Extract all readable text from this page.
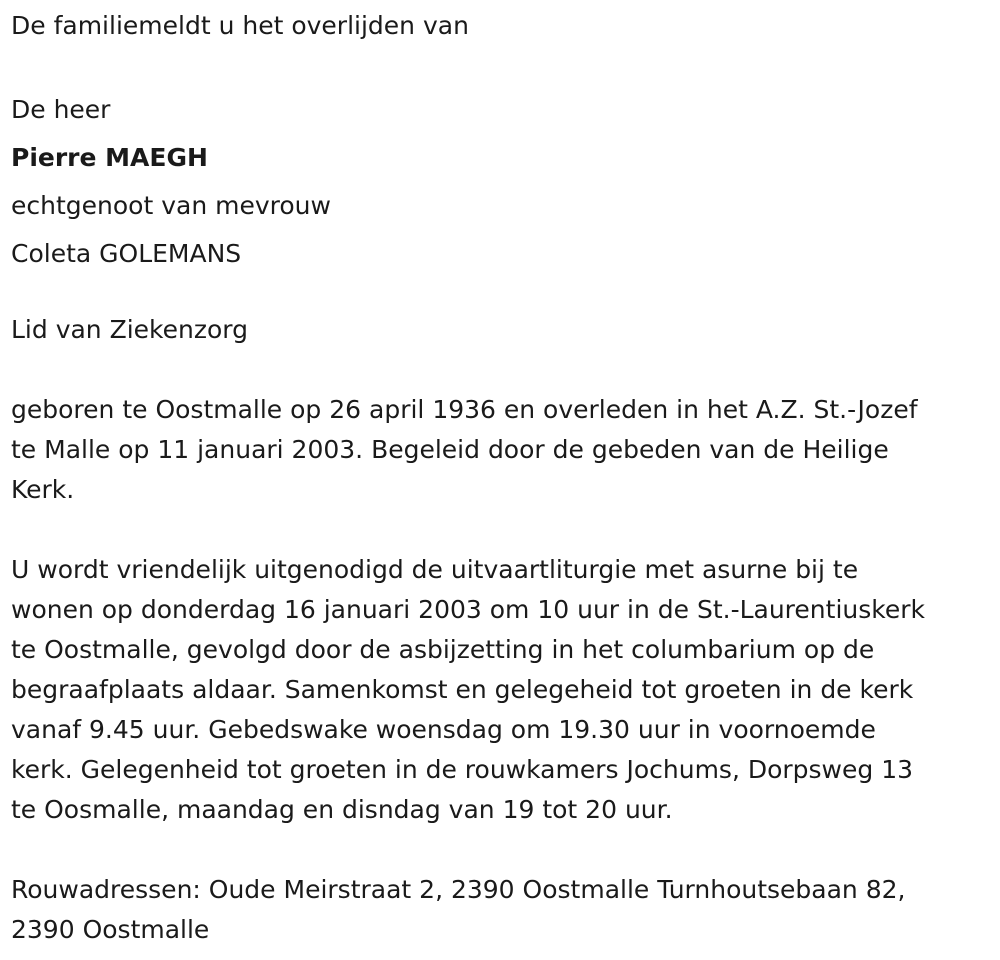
De familiemeldt u het overlijden van

De heer

Pierre MAEGH

echtgenoot van mevrouw

Coleta GOLEMANS

Lid van Ziekenzorg

geboren te Oostmalle op 26 april 1936 en overleden in het A.Z. St.-Jozef
te Malle op 11 januari 2003. Begeleid door de gebeden van de Heilige
Kerk.
U wordt vriendelijk uitgenodigd de uitvaartliturgie met asurne bij te
wonen op donderdag 16 januari 2003 om 10 uur in de St.-Laurentiuskerk
te Oostmalle, gevolgd door de asbijzetting in het columbarium op de
begraafplaats aldaar. Samenkomst en gelegeheid tot groeten in de kerk
vanaf 9.45 uur. Gebedswake woensdag om 19.30 uur in voornoemde
kerk. Gelegenheid tot groeten in de rouwkamers Jochums, Dorpsweg 13
te Oosmalle, maandag en disndag van 19 tot 20 uur.
Rouwadressen: Oude Meirstraat 2, 2390 Oostmalle Turnhoutsebaan 82,
2390 Oostmalle
